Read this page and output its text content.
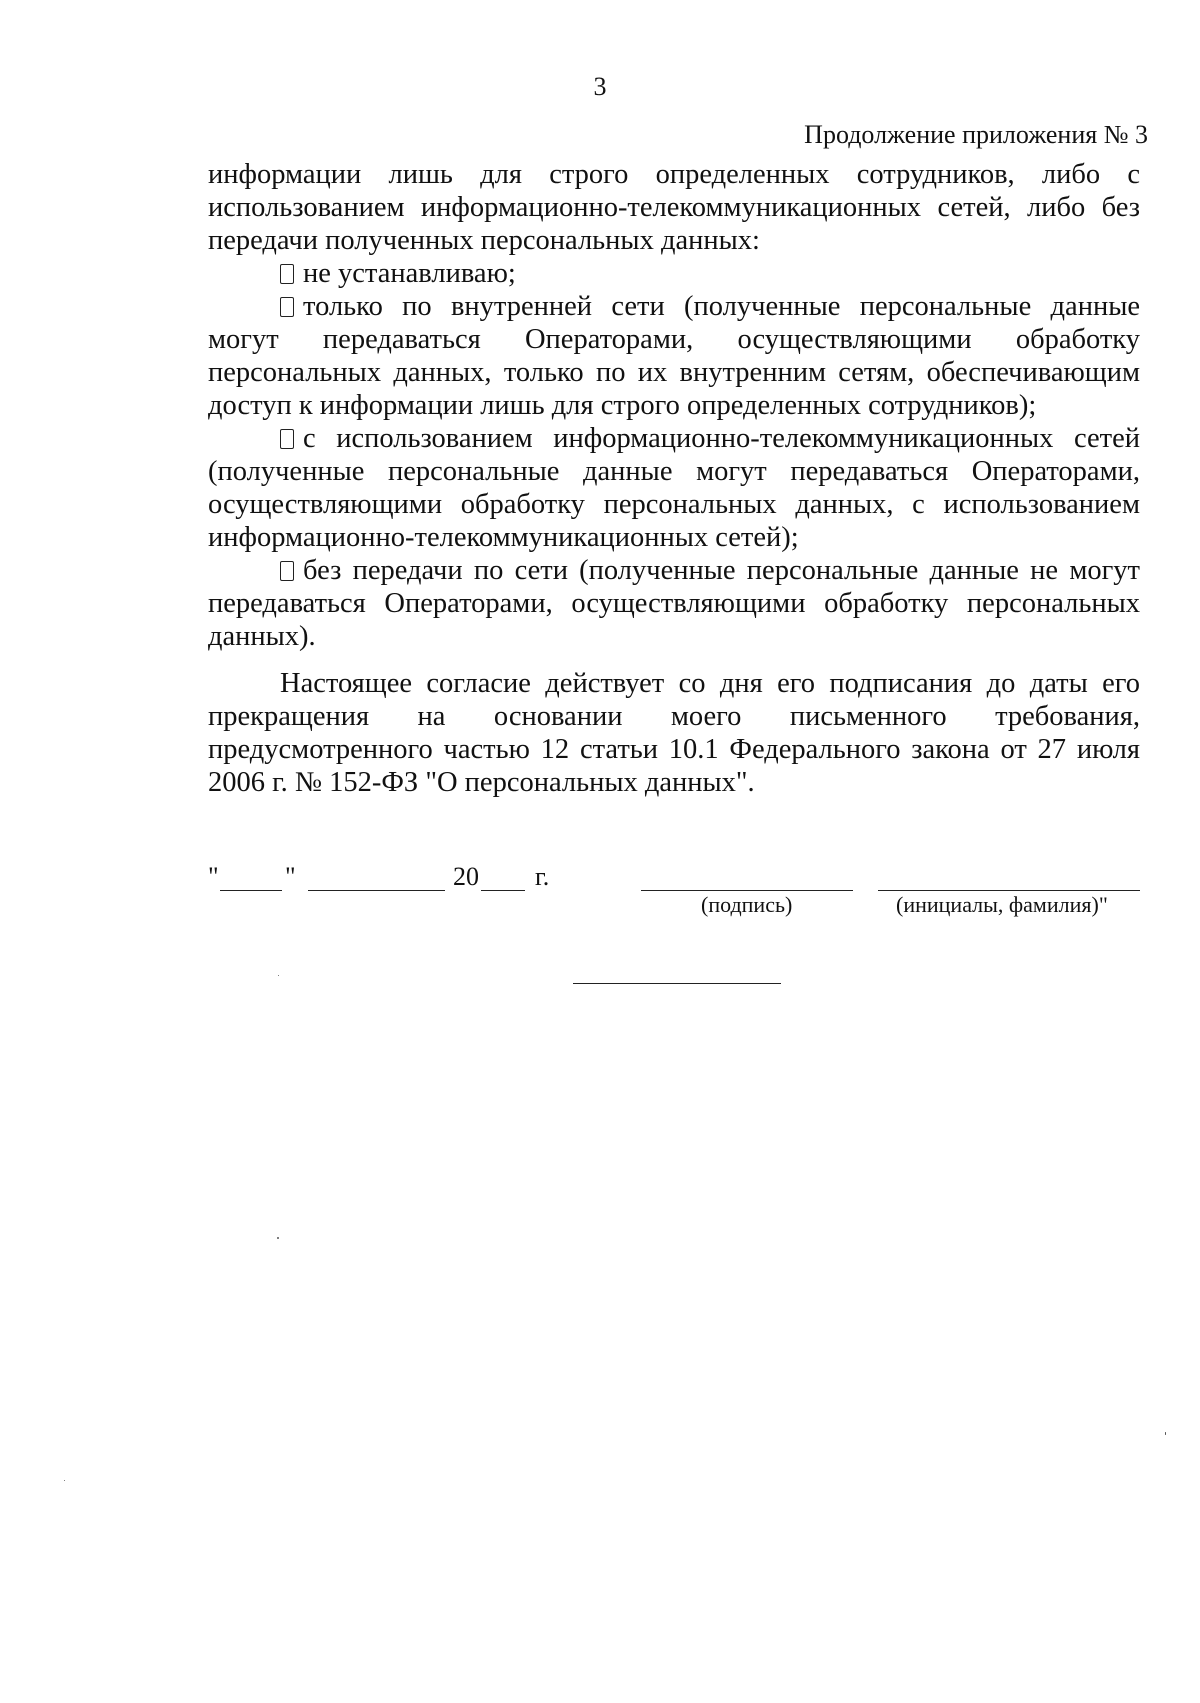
3
Продолжение приложения № 3

информации лишь для строго определенных сотрудников, либо с использованием информационно-телекоммуникационных сетей, либо без передачи полученных персональных данных:

не устанавливаю;

только по внутренней сети (полученные персональные данные могут передаваться Операторами, осуществляющими обработку персональных данных, только по их внутренним сетям, обеспечивающим доступ к информации лишь для строго определенных сотрудников);

с использованием информационно-телекоммуникационных сетей (полученные персональные данные могут передаваться Операторами, осуществляющими обработку персональных данных, с использованием информационно-телекоммуникационных сетей);

без передачи по сети (полученные персональные данные не могут передаваться Операторами, осуществляющими обработку персональных данных).

Настоящее согласие действует со дня его подписания до даты его прекращения на основании моего письменного требования, предусмотренного частью 12 статьи 10.1 Федерального закона от 27 июля 2006 г. № 152-ФЗ "О персональных данных".

"	"	20 г.
(подпись)	(инициалы, фамилия)"
